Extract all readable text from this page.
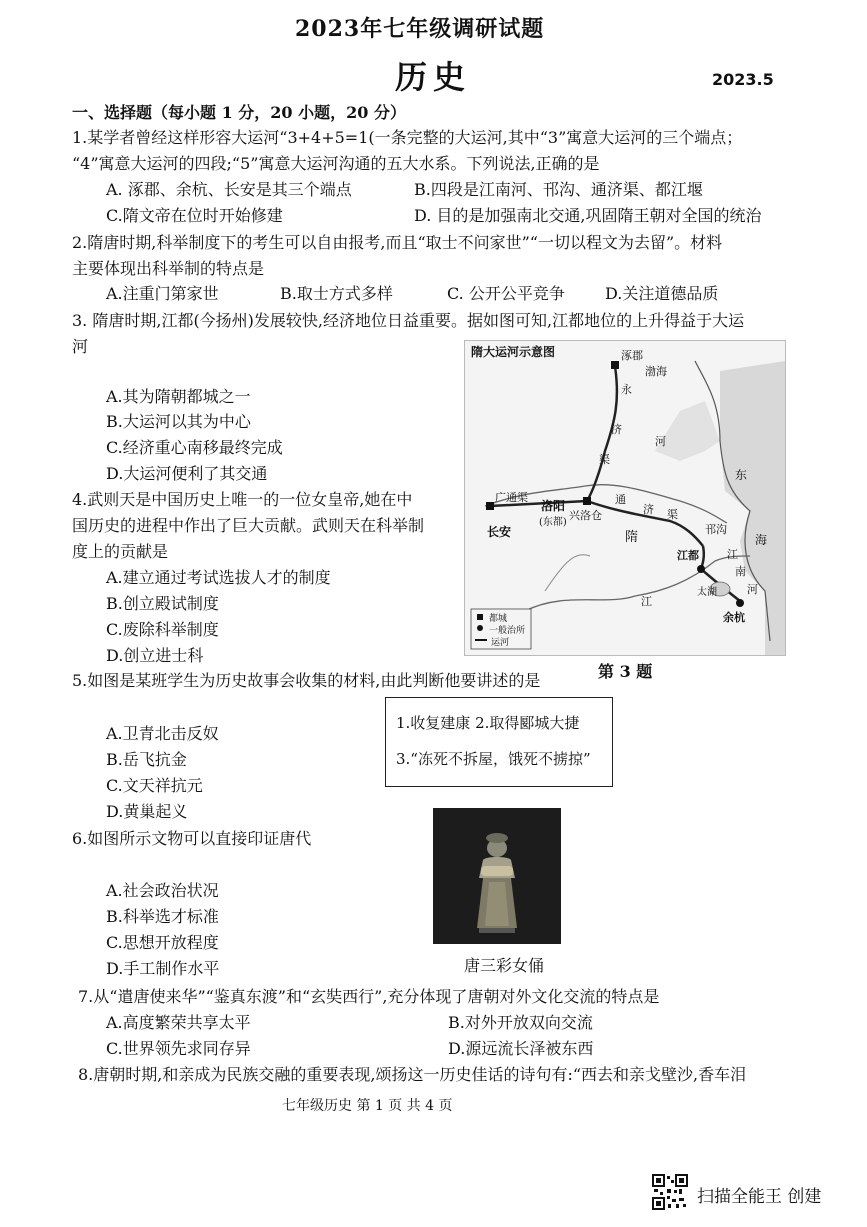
2023年七年级调研试题
历史	2023.5
一、选择题（每小题 1 分，20 小题，20 分）
1.某学者曾经这样形容大运河“3+4+5=1(一条完整的大运河,其中“3”寓意大运河的三个端点；
“4”寓意大运河的四段;“5”寓意大运河沟通的五大水系。下列说法,正确的是
A. 涿郡、余杭、长安是其三个端点	B.四段是江南河、邗沟、通济渠、都江堰
C.隋文帝在位时开始修建	D. 目的是加强南北交通,巩固隋王朝对全国的统治
2.隋唐时期,科举制度下的考生可以自由报考,而且“取士不问家世”“一切以程文为去留”。材料
主要体现出科举制的特点是
A.注重门第家世	B.取士方式多样	C. 公开公平竞争	D.关注道德品质
3. 隋唐时期,江都(今扬州)发展较快,经济地位日益重要。据如图可知,江都地位的上升得益于大运
河
A.其为隋朝都城之一
B.大运河以其为中心
C.经济重心南移最终完成
D.大运河便利了其交通
隋大运河示意图	涿郡
渤海
永
济
渠
河
东
海
广通渠
洛阳
(东都)
兴洛仓
长安
通
济 渠
隋
邗沟
江都	江
南
河
太湖
余杭
江
都城
一般治所
运河
第 3 题
4.武则天是中国历史上唯一的一位女皇帝,她在中
国历史的进程中作出了巨大贡献。武则天在科举制
度上的贡献是
A.建立通过考试选拔人才的制度
B.创立殿试制度
C.废除科举制度
D.创立进士科
5.如图是某班学生为历史故事会收集的材料,由此判断他要讲述的是
1.收复建康 2.取得郾城大捷
3.“冻死不拆屋，饿死不掳掠”
A.卫青北击反奴
B.岳飞抗金
C.文天祥抗元
D.黄巢起义
6.如图所示文物可以直接印证唐代
唐三彩女俑
A.社会政治状况
B.科举选才标准
C.思想开放程度
D.手工制作水平
7.从“遣唐使来华”“鉴真东渡”和“玄奘西行”,充分体现了唐朝对外文化交流的特点是
A.高度繁荣共享太平	B.对外开放双向交流
C.世界领先求同存异	D.源远流长泽被东西
8.唐朝时期,和亲成为民族交融的重要表现,颂扬这一历史佳话的诗句有:“西去和亲戈壁沙,香车泪
七年级历史 第 1 页 共 4 页
扫描全能王 创建
